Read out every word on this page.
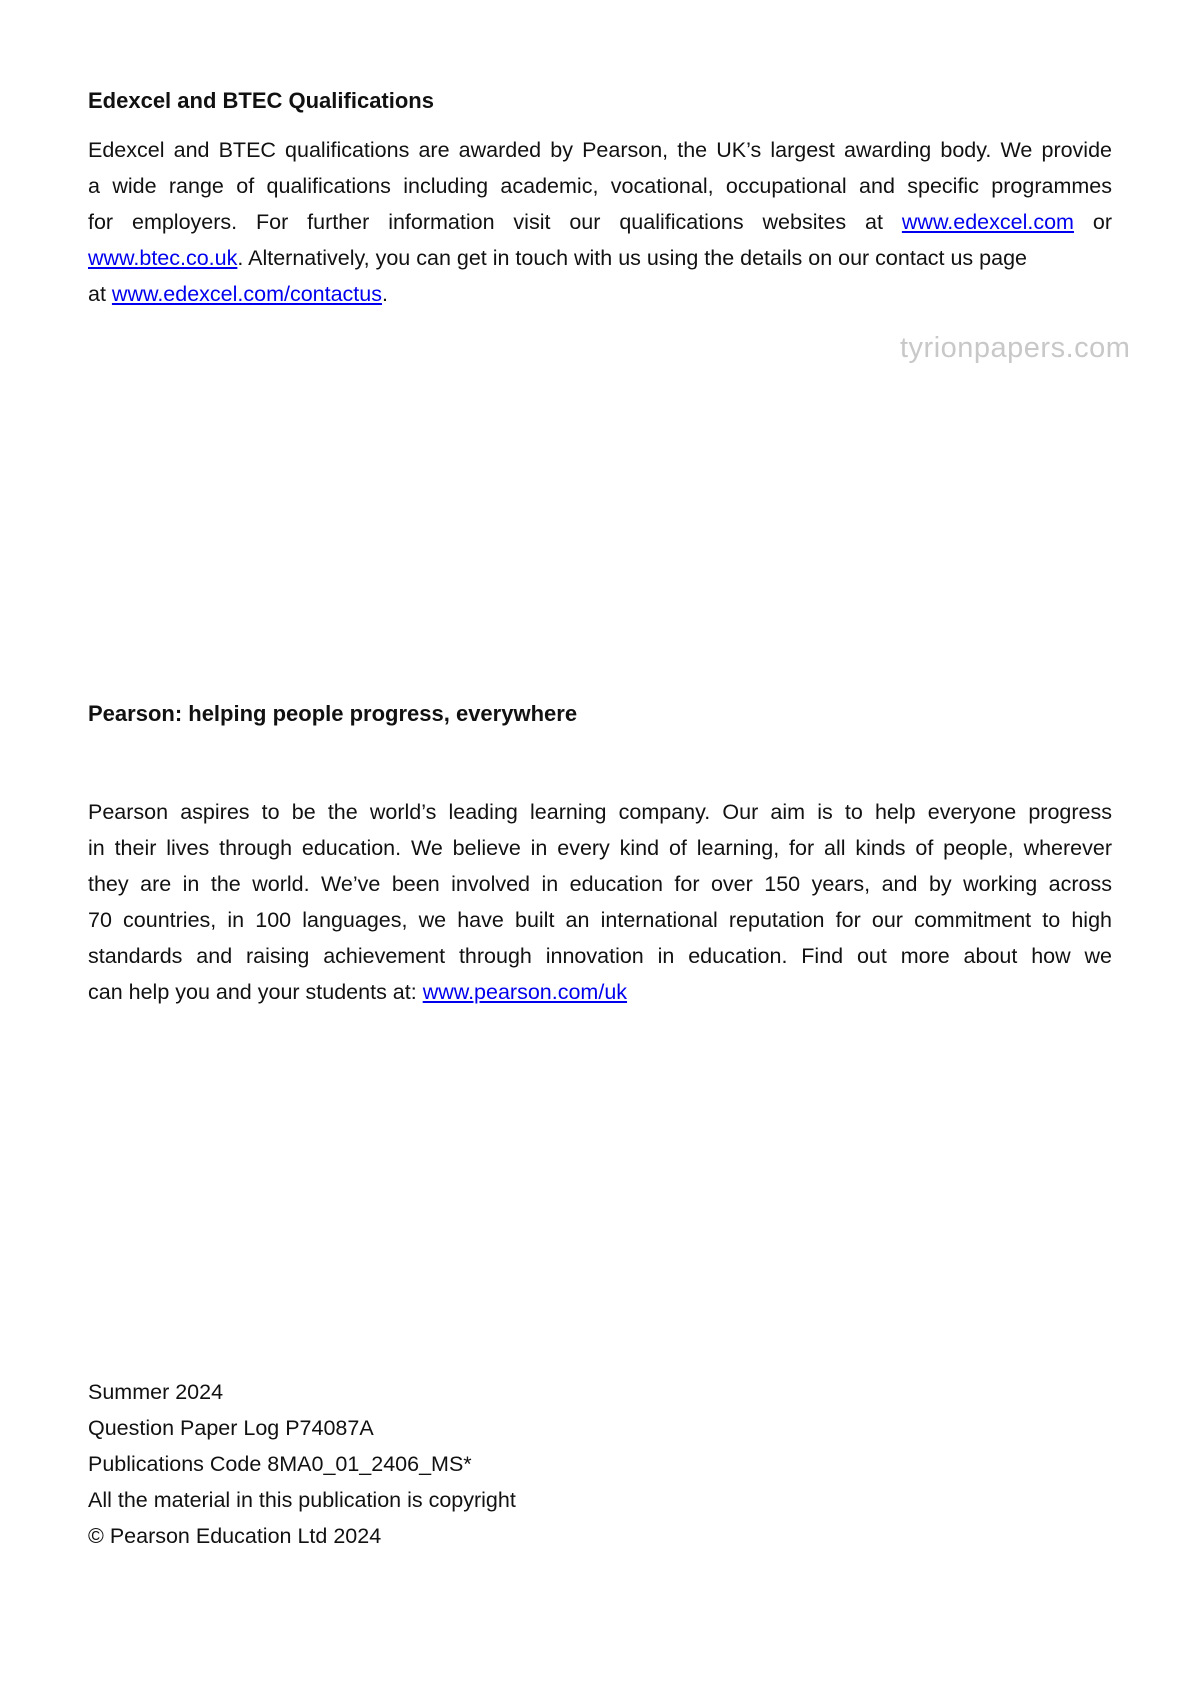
Edexcel and BTEC Qualifications
Edexcel and BTEC qualifications are awarded by Pearson, the UK’s largest awarding body. We provide
a wide range of qualifications including academic, vocational, occupational and specific programmes
for employers. For further information visit our qualifications websites at www.edexcel.com or
www.btec.co.uk. Alternatively, you can get in touch with us using the details on our contact us page
at www.edexcel.com/contactus.
tyrionpapers.com
Pearson: helping people progress, everywhere
Pearson aspires to be the world’s leading learning company. Our aim is to help everyone progress
in their lives through education. We believe in every kind of learning, for all kinds of people, wherever
they are in the world. We’ve been involved in education for over 150 years, and by working across
70 countries, in 100 languages, we have built an international reputation for our commitment to high
standards and raising achievement through innovation in education. Find out more about how we
can help you and your students at: www.pearson.com/uk
Summer 2024
Question Paper Log P74087A
Publications Code 8MA0_01_2406_MS*
All the material in this publication is copyright
© Pearson Education Ltd 2024
